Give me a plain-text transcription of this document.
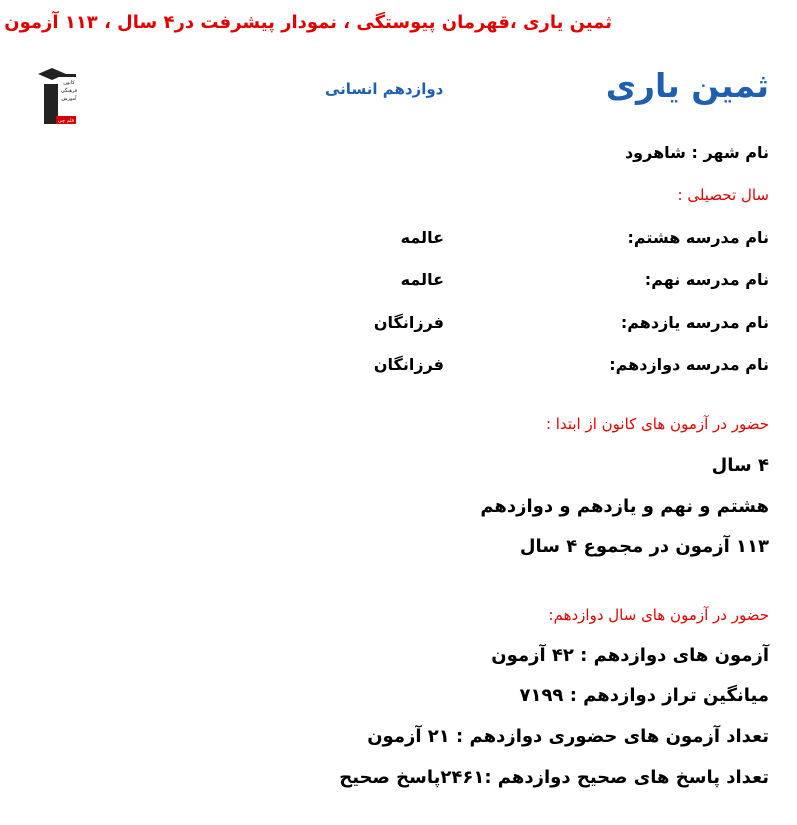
ثمین یاری ،قهرمان پیوستگی ، نمودار پیشرفت در۴ سال ، ۱۱۳ آزمون
ثمین یاری
دوازدهم انسانی
کانون
فرهنگی
آموزش
قلم چی
نام شهر : شاهرود
سال تحصیلی :
نام مدرسه هشتم:
عالمه
نام مدرسه نهم:
عالمه
نام مدرسه یازدهم:
فرزانگان
نام مدرسه دوازدهم:
فرزانگان
حضور در آزمون های کانون از ابتدا :
۴ سال
هشتم و نهم و یازدهم و دوازدهم
۱۱۳ آزمون در مجموع ۴ سال
حضور در آزمون های سال دوازدهم:
آزمون های دوازدهم : ۴۲ آزمون
میانگین تراز دوازدهم : ۷۱۹۹
تعداد آزمون های حضوری دوازدهم : ۲۱ آزمون
تعداد پاسخ های صحیح دوازدهم :۲۴۶۱پاسخ صحیح
